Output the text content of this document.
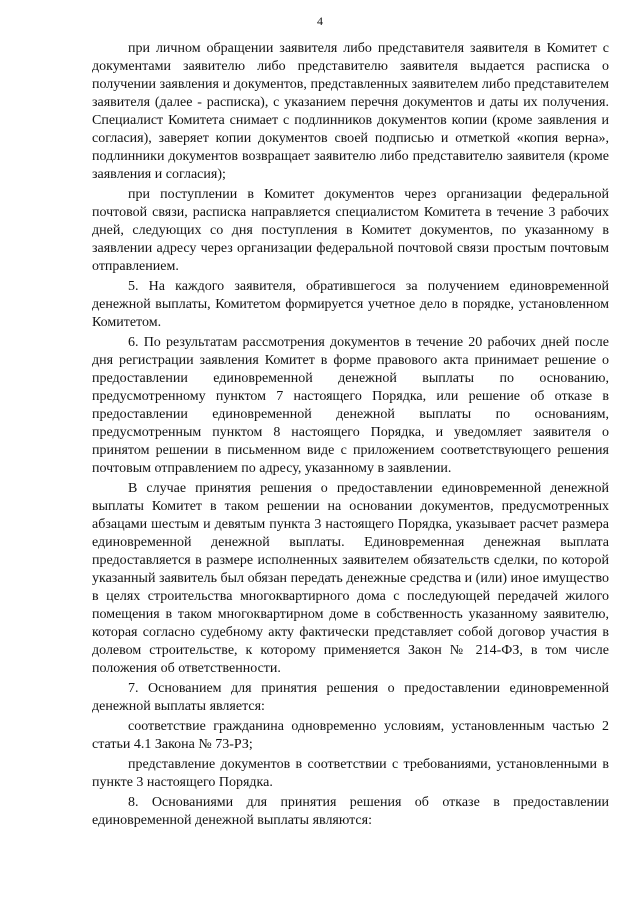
4

при личном обращении заявителя либо представителя заявителя в Комитет с документами заявителю либо представителю заявителя выдается расписка о получении заявления и документов, представленных заявителем либо представителем заявителя (далее - расписка), с указанием перечня документов и даты их получения. Специалист Комитета снимает с подлинников документов копии (кроме заявления и согласия), заверяет копии документов своей подписью и отметкой «копия верна», подлинники документов возвращает заявителю либо представителю заявителя (кроме заявления и согласия);

при поступлении в Комитет документов через организации федеральной почтовой связи, расписка направляется специалистом Комитета в течение 3 рабочих дней, следующих со дня поступления в Комитет документов, по указанному в заявлении адресу через организации федеральной почтовой связи простым почтовым отправлением.

5. На каждого заявителя, обратившегося за получением единовременной денежной выплаты, Комитетом формируется учетное дело в порядке, установленном Комитетом.

6. По результатам рассмотрения документов в течение 20 рабочих дней после дня регистрации заявления Комитет в форме правового акта принимает решение о предоставлении единовременной денежной выплаты по основанию, предусмотренному пунктом 7 настоящего Порядка, или решение об отказе в предоставлении единовременной денежной выплаты по основаниям, предусмотренным пунктом 8 настоящего Порядка, и уведомляет заявителя о принятом решении в письменном виде с приложением соответствующего решения почтовым отправлением по адресу, указанному в заявлении.

В случае принятия решения о предоставлении единовременной денежной выплаты Комитет в таком решении на основании документов, предусмотренных абзацами шестым и девятым пункта 3 настоящего Порядка, указывает расчет размера единовременной денежной выплаты. Единовременная денежная выплата предоставляется в размере исполненных заявителем обязательств сделки, по которой указанный заявитель был обязан передать денежные средства и (или) иное имущество в целях строительства многоквартирного дома с последующей передачей жилого помещения в таком многоквартирном доме в собственность указанному заявителю, которая согласно судебному акту фактически представляет собой договор участия в долевом строительстве, к которому применяется Закон № 214-ФЗ, в том числе положения об ответственности.

7. Основанием для принятия решения о предоставлении единовременной денежной выплаты является:

соответствие гражданина одновременно условиям, установленным частью 2 статьи 4.1 Закона № 73-РЗ;

представление документов в соответствии с требованиями, установленными в пункте 3 настоящего Порядка.

8. Основаниями для принятия решения об отказе в предоставлении единовременной денежной выплаты являются:
